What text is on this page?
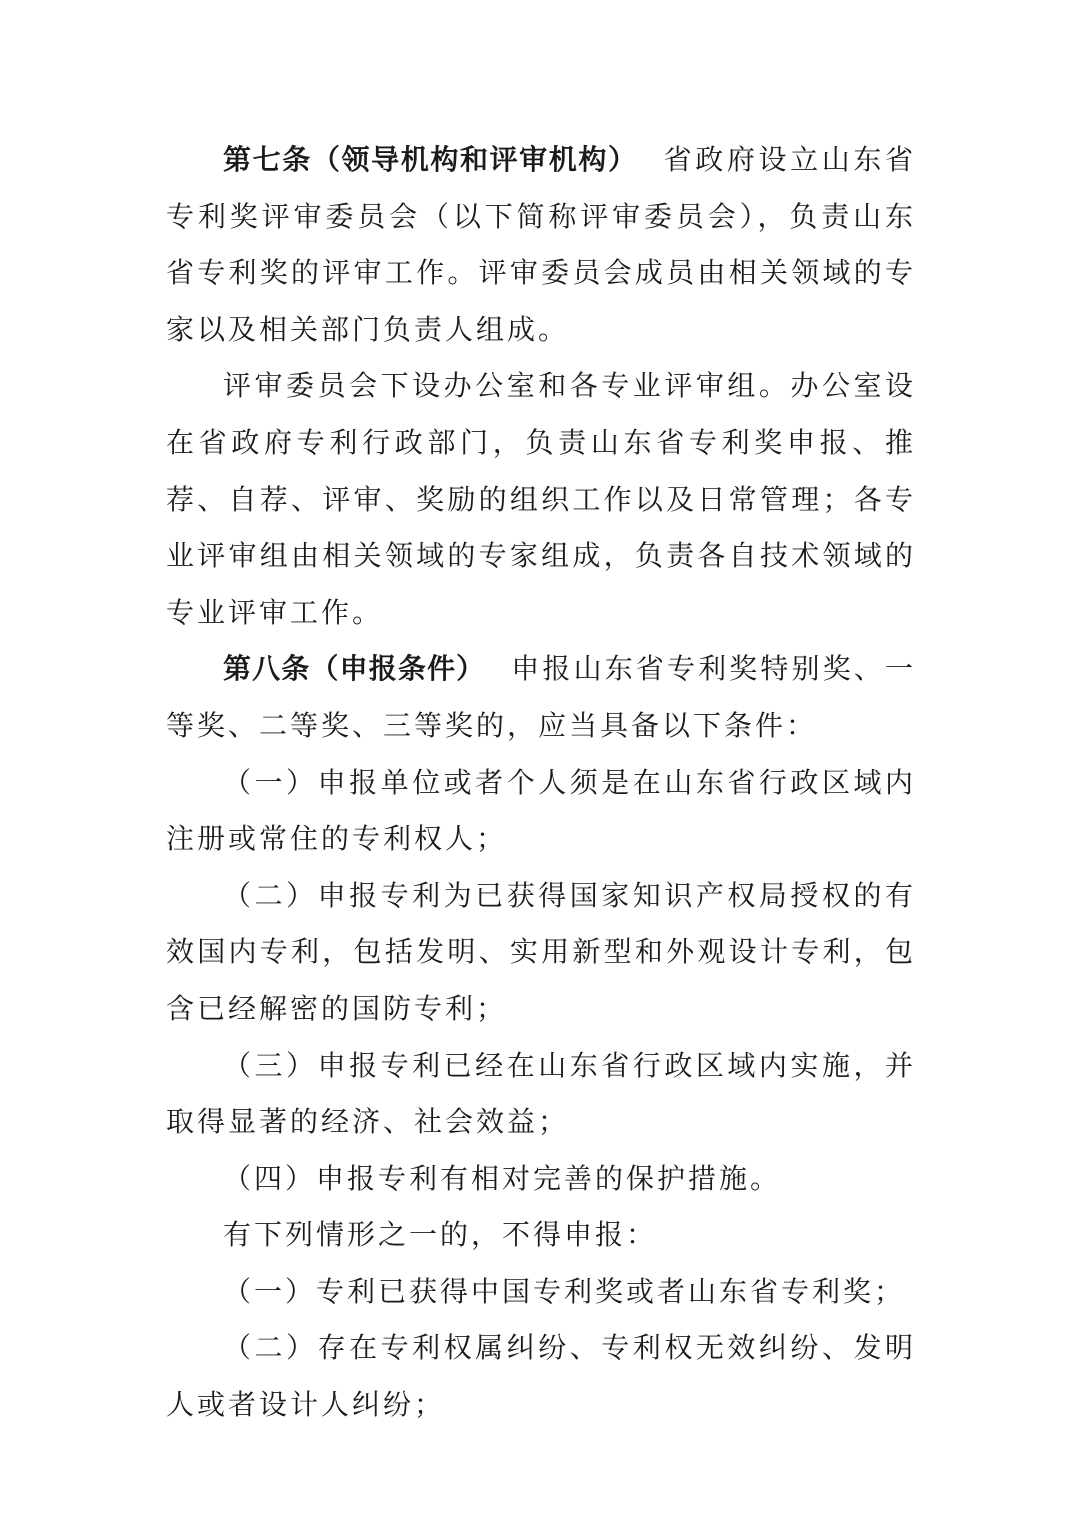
第七条（领导机构和评审机构） 省政府设立山东省专利奖评审委员会（以下简称评审委员会），负责山东省专利奖的评审工作。评审委员会成员由相关领域的专家以及相关部门负责人组成。

评审委员会下设办公室和各专业评审组。办公室设在省政府专利行政部门，负责山东省专利奖申报、推荐、自荐、评审、奖励的组织工作以及日常管理；各专业评审组由相关领域的专家组成，负责各自技术领域的专业评审工作。

第八条（申报条件） 申报山东省专利奖特别奖、一等奖、二等奖、三等奖的，应当具备以下条件：

（一）申报单位或者个人须是在山东省行政区域内注册或常住的专利权人；

（二）申报专利为已获得国家知识产权局授权的有效国内专利，包括发明、实用新型和外观设计专利，包含已经解密的国防专利；

（三）申报专利已经在山东省行政区域内实施，并取得显著的经济、社会效益；

（四）申报专利有相对完善的保护措施。

有下列情形之一的，不得申报：

（一）专利已获得中国专利奖或者山东省专利奖；

（二）存在专利权属纠纷、专利权无效纠纷、发明人或者设计人纠纷；
